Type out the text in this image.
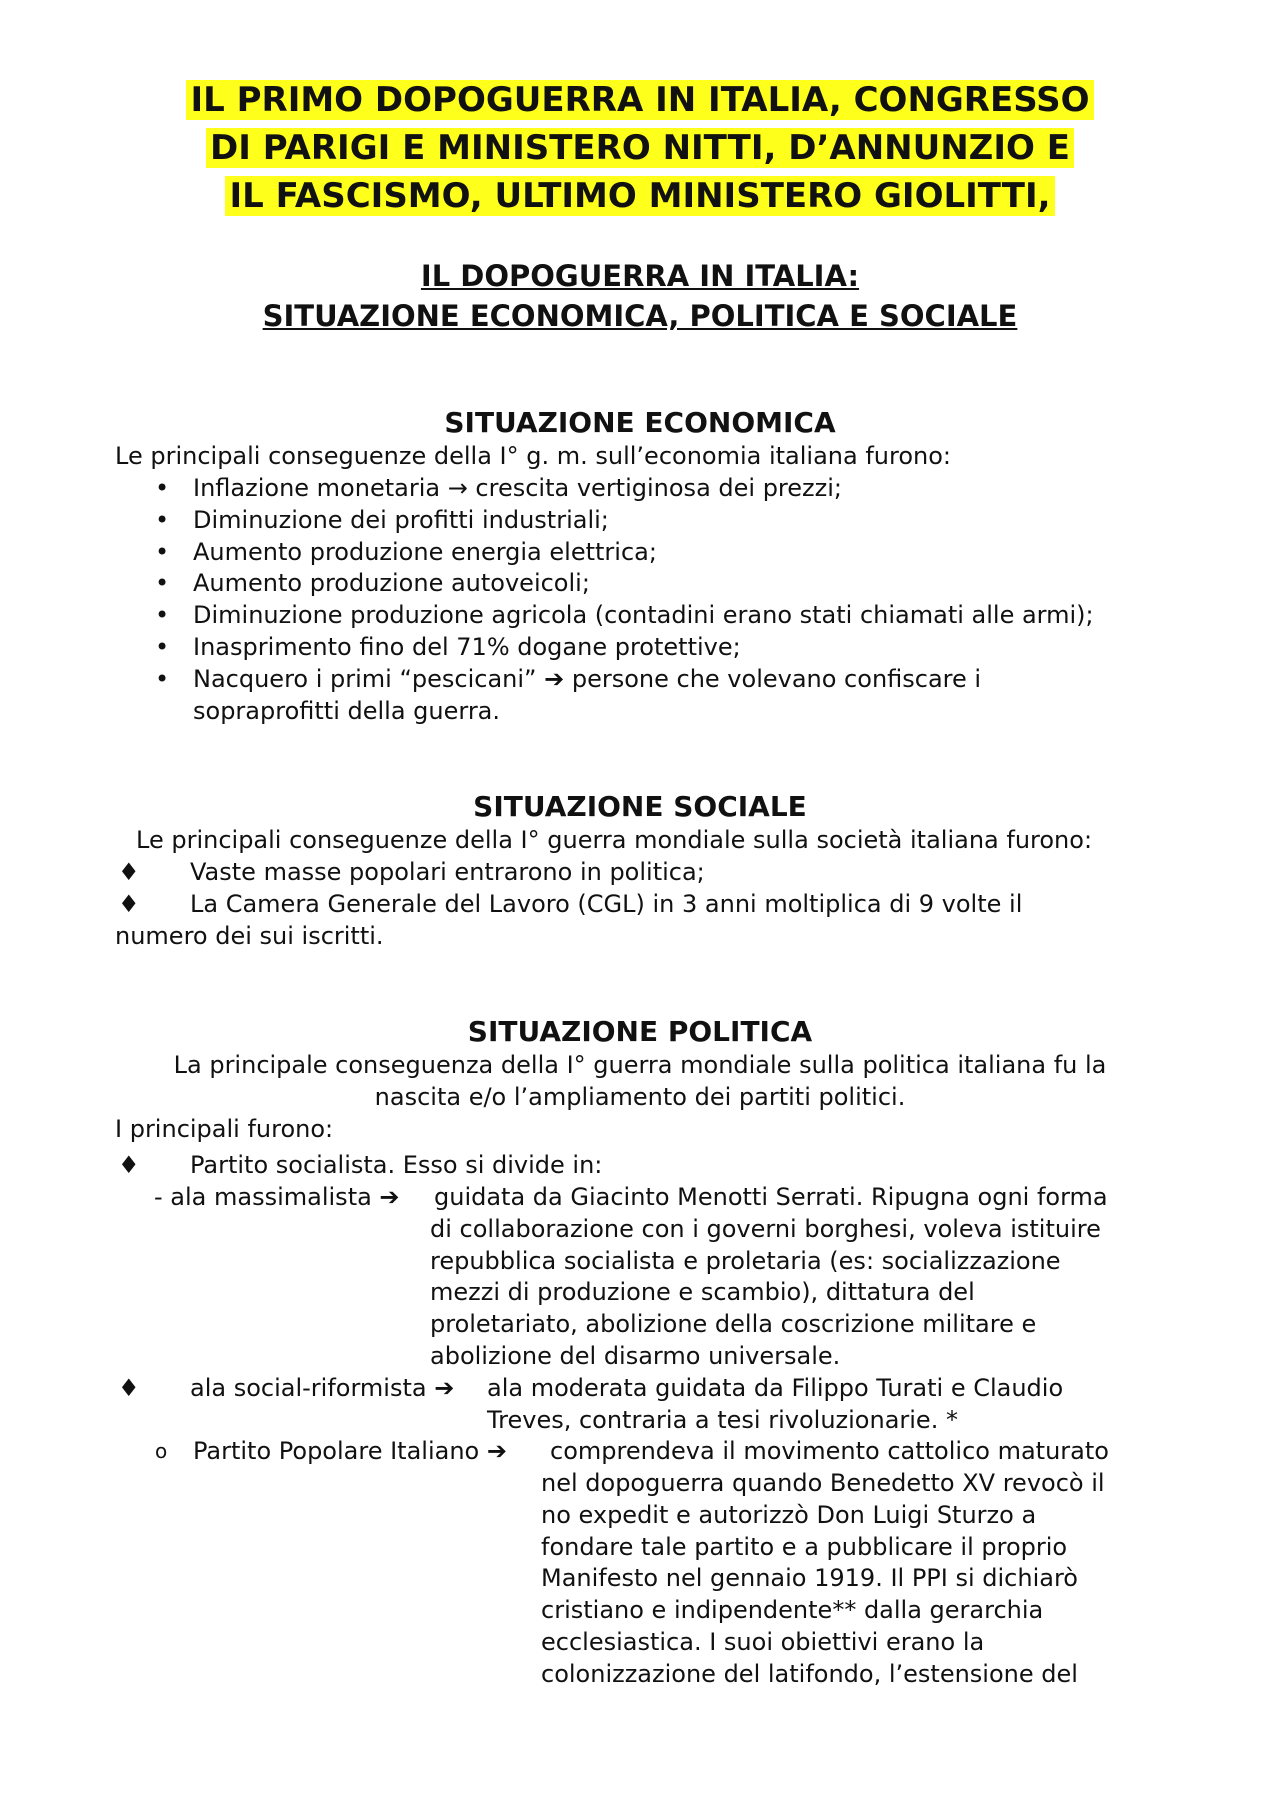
IL PRIMO DOPOGUERRA IN ITALIA, CONGRESSO
DI PARIGI E MINISTERO NITTI, D’ANNUNZIO E
IL FASCISMO, ULTIMO MINISTERO GIOLITTI,
IL DOPOGUERRA IN ITALIA:
SITUAZIONE ECONOMICA, POLITICA E SOCIALE
SITUAZIONE ECONOMICA

Le principali conseguenze della I° g. m. sull’economia italiana furono:

• Inflazione monetaria → crescita vertiginosa dei prezzi;

• Diminuzione dei profitti industriali;

• Aumento produzione energia elettrica;

• Aumento produzione autoveicoli;

• Diminuzione produzione agricola (contadini erano stati chiamati alle armi);

• Inasprimento fino del 71% dogane protettive;

• Nacquero i primi “pescicani” ➔ persone che volevano confiscare i

sopraprofitti della guerra.

SITUAZIONE SOCIALE

Le principali conseguenze della I° guerra mondiale sulla società italiana furono:

♦ Vaste masse popolari entrarono in politica;

♦ La Camera Generale del Lavoro (CGL) in 3 anni moltiplica di 9 volte il

numero dei sui iscritti.

SITUAZIONE POLITICA

La principale conseguenza della I° guerra mondiale sulla politica italiana fu la

nascita e/o l’ampliamento dei partiti politici.

I principali furono:

♦ Partito socialista. Esso si divide in:

- ala massimalista ➔ guidata da Giacinto Menotti Serrati. Ripugna ogni forma

di collaborazione con i governi borghesi, voleva istituire

repubblica socialista e proletaria (es: socializzazione

mezzi di produzione e scambio), dittatura del

proletariato, abolizione della coscrizione militare e

abolizione del disarmo universale.

♦ ala social-riformista ➔ ala moderata guidata da Filippo Turati e Claudio

Treves, contraria a tesi rivoluzionarie. *

o Partito Popolare Italiano ➔ comprendeva il movimento cattolico maturato

nel dopoguerra quando Benedetto XV revocò il

no expedit e autorizzò Don Luigi Sturzo a

fondare tale partito e a pubblicare il proprio

Manifesto nel gennaio 1919. Il PPI si dichiarò

cristiano e indipendente** dalla gerarchia

ecclesiastica. I suoi obiettivi erano la

colonizzazione del latifondo, l’estensione del
